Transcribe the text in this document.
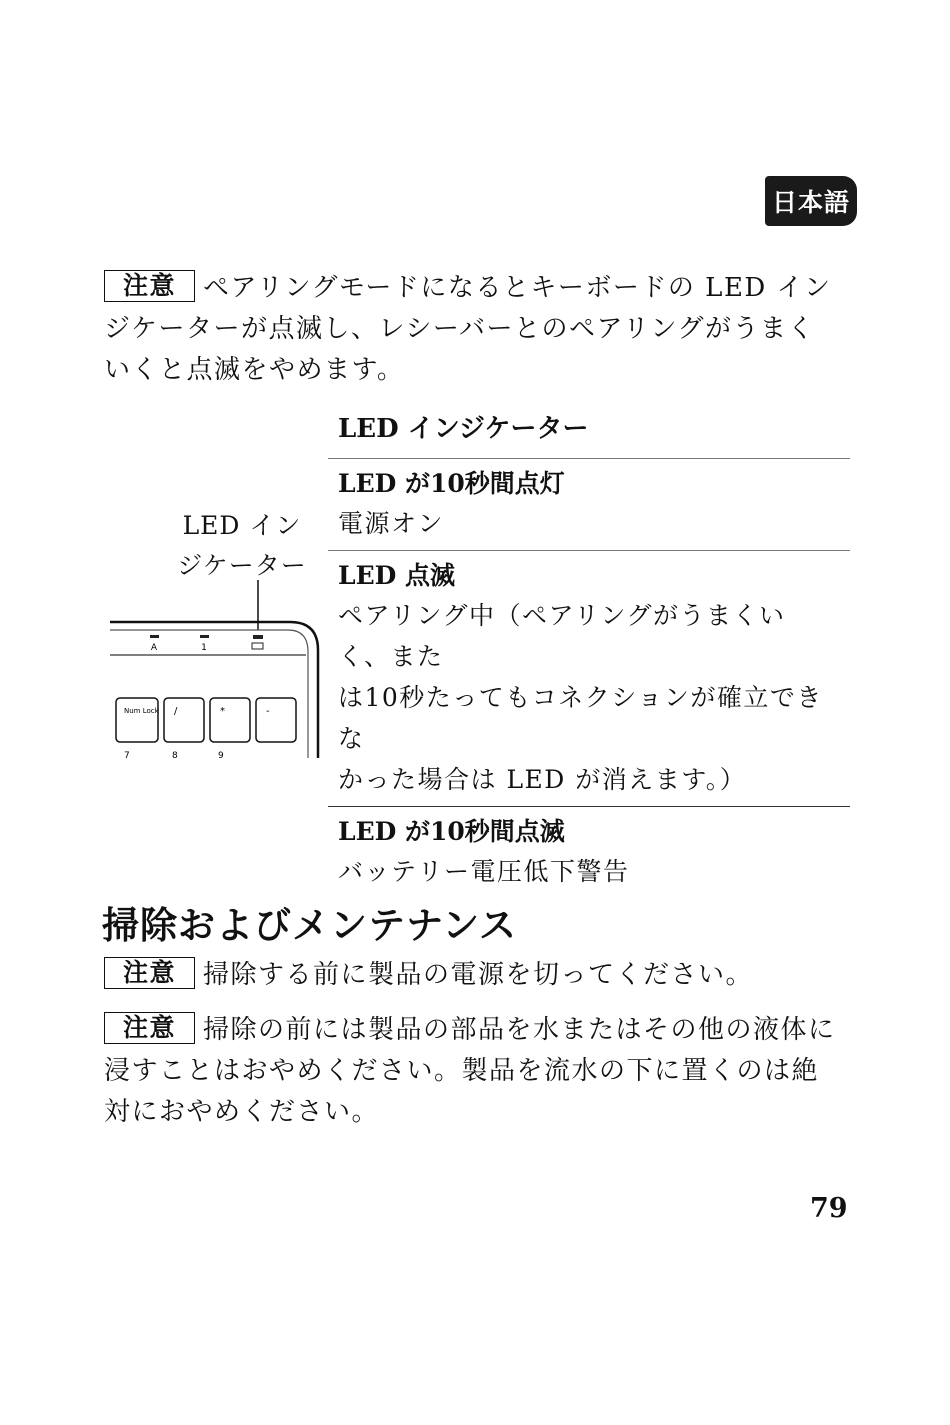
日本語

注意 ペアリングモードになるとキーボードの LED インジケーターが点滅し、レシーバーとのペアリングがうまくいくと点滅をやめます。

LED インジケーター
LED が10秒間点灯
電源オン
LED 点滅
ペアリング中（ペアリングがうまくい
く、また
は10秒たってもコネクションが確立でき
な
かった場合は LED が消えます。）
LED が10秒間点滅
バッテリー電圧低下警告
LED イン
ジケーター
A	1
Num Lock /	*	-
7	8	9
掃除およびメンテナンス

注意 掃除する前に製品の電源を切ってください。

注意 掃除の前には製品の部品を水またはその他の液体に浸すことはおやめください。製品を流水の下に置くのは絶対におやめください。

79
